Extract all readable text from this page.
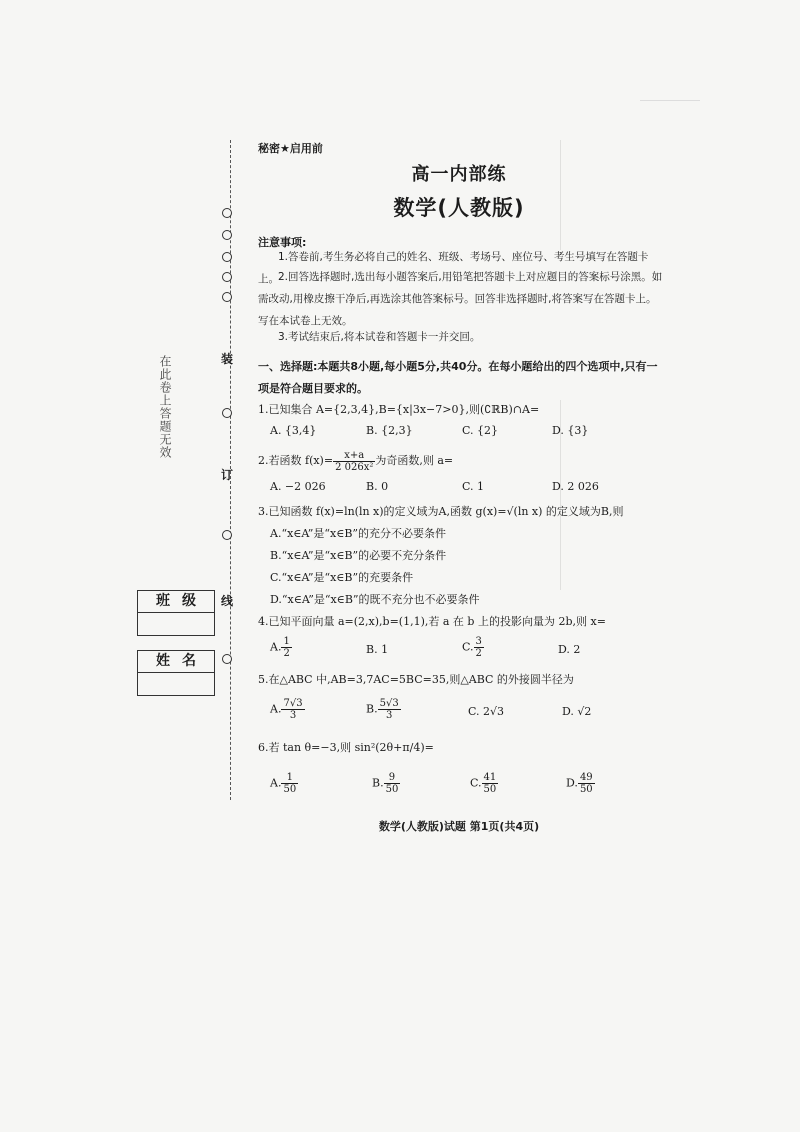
装
订
线
在此卷上答题无效
班级
姓名
秘密★启用前
高一内部练
数学(人教版)
注意事项:
1.答卷前,考生务必将自己的姓名、班级、考场号、座位号、考生号填写在答题卡上。 2.回答选择题时,选出每小题答案后,用铅笔把答题卡上对应题目的答案标号涂黑。如需改动,用橡皮擦干净后,再选涂其他答案标号。回答非选择题时,将答案写在答题卡上。写在本试卷上无效。
3.考试结束后,将本试卷和答题卡一并交回。
一、选择题:本题共8小题,每小题5分,共40分。在每小题给出的四个选项中,只有一项是符合题目要求的。
1.已知集合 A={2,3,4},B={x|3x−7>0},则(∁ℝB)∩A=
A. {3,4}	B. {2,3}	C. {2}	D. {3}
2.若函数 $f(x)= \frac{x+a}{\text{2 026x²}}$ 为奇函数,则 a=
A. −2 026	B. 0	C. 1	D. 2 026
3.已知函数 f(x)=ln(ln x)的定义域为A,函数 g(x)=√(ln x) 的定义域为B,则
A.“x∈A”是“x∈B”的充分不必要条件
B.“x∈A”是“x∈B”的必要不充分条件
C.“x∈A”是“x∈B”的充要条件
D.“x∈A”是“x∈B”的既不充分也不必要条件
4.已知平面向量 a=(2,x),b=(1,1),若 a 在 b 上的投影向量为 2b,则 x=
A. $\frac{1}{2}$	B. 1	C. $\frac{3}{2}$	D. 2
5.在△ABC 中,AB=3,7AC=5BC=35,则△ABC 的外接圆半径为
A. $\frac{7√3}{3}$	B. $\frac{5√3}{3}$	C. 2√3	D. √2
6.若 tan θ=−3,则 sin²(2θ+π/4)=
A. $\frac{1}{50}$	B. $\frac{9}{50}$	C. $\frac{41}{50}$	D. $\frac{49}{50}$
数学(人教版)试题 第1页(共4页)
